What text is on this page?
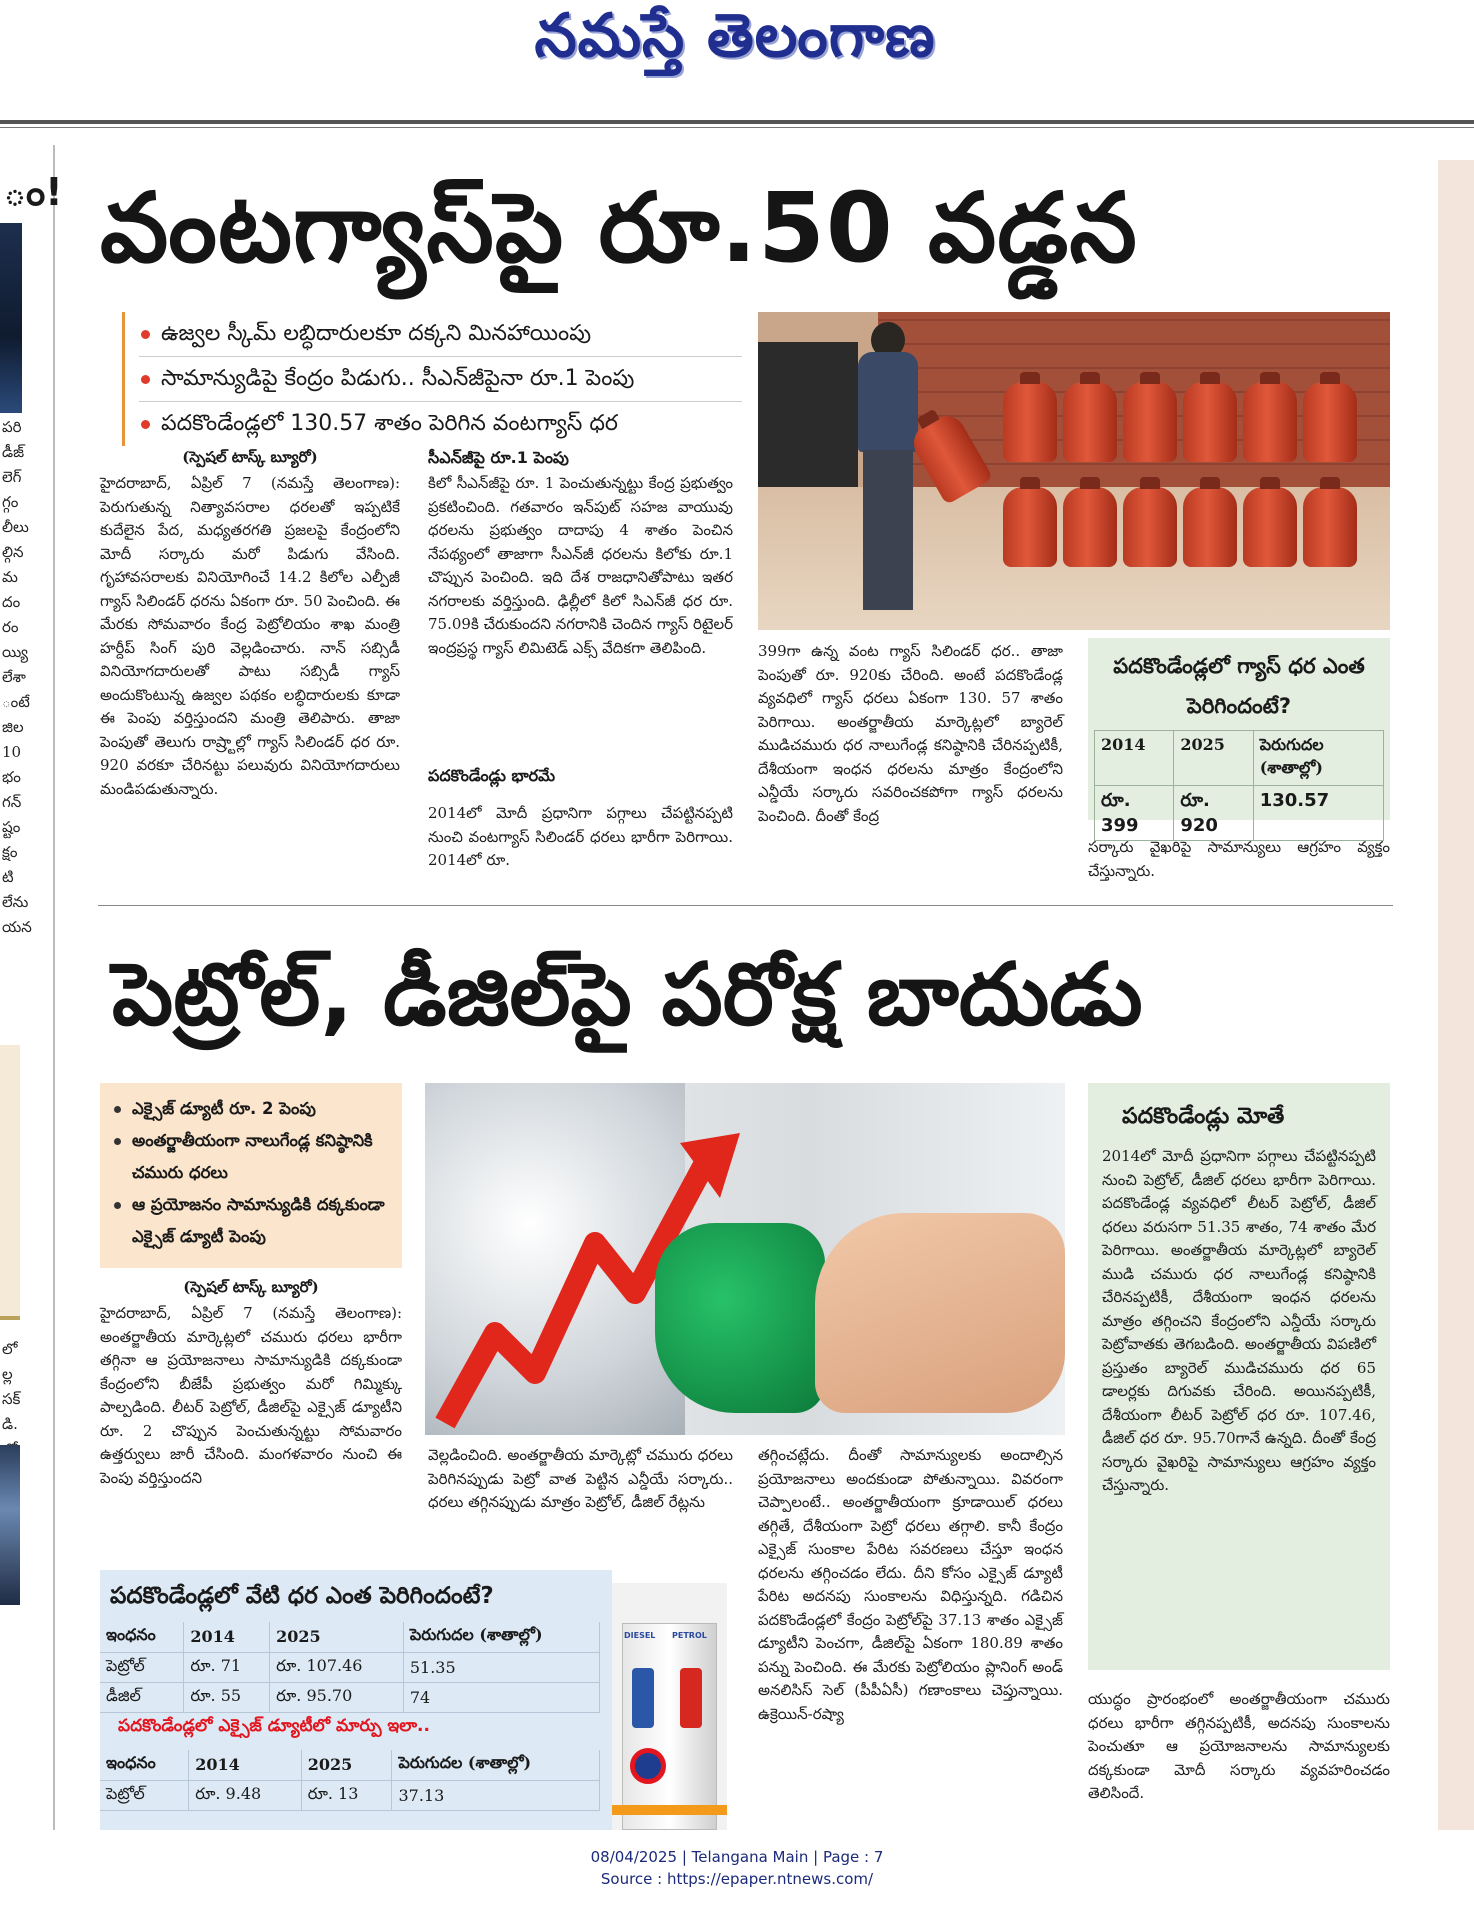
నమస్తే తెలంగాణ
ం!
పరి
డీజ్
లెగ్
గ్గం
లీలు
ల్గిన
మ
దం
రం
య్యి
లేశా
ంటే
జిల
10
భం
గన్
ష్టం
క్షం
టి
లేను
యన
లో
ల్ల
సక్
డి.
వంటగ్యాస్‌పై రూ.50 వడ్డన
ఉజ్వల స్కీమ్ లబ్ధిదారులకూ దక్కని మినహాయింపు
సామాన్యుడిపై కేంద్రం పిడుగు.. సీఎన్‌జీపైనా రూ.1 పెంపు
పదకొండేండ్లలో 130.57 శాతం పెరిగిన వంటగ్యాస్ ధర
(స్పెషల్ టాస్క్ బ్యూరో)
హైదరాబాద్, ఏప్రిల్ 7 (నమస్తే తెలంగాణ): పెరుగుతున్న నిత్యావసరాల ధరలతో ఇప్పటికే కుదేలైన పేద, మధ్యతరగతి ప్రజలపై కేంద్రంలోని మోదీ సర్కారు మరో పిడుగు వేసింది. గృహావసరాలకు వినియోగించే 14.2 కిలోల ఎల్పీజీ గ్యాస్ సిలిండర్ ధరను ఏకంగా రూ. 50 పెంచింది. ఈ మేరకు సోమవారం కేంద్ర పెట్రోలియం శాఖ మంత్రి హర్దీప్ సింగ్ పురి వెల్లడించారు. నాన్ సబ్సిడీ వినియోగదారులతో పాటు సబ్సిడీ గ్యాస్ అందుకొంటున్న ఉజ్వల పథకం లబ్ధిదారులకు కూడా ఈ పెంపు వర్తిస్తుందని మంత్రి తెలిపారు. తాజా పెంపుతో తెలుగు రాష్ర్టాల్లో గ్యాస్ సిలిండర్ ధర రూ. 920 వరకూ చేరినట్టు పలువురు వినియోగదారులు మండిపడుతున్నారు.
సీఎన్‌జీపై రూ.1 పెంపు
కిలో సీఎన్‌జీపై రూ. 1 పెంచుతున్నట్టు కేంద్ర ప్రభుత్వం ప్రకటించింది. గతవారం ఇన్‌పుట్ సహజ వాయువు ధరలను ప్రభుత్వం దాదాపు 4 శాతం పెంచిన నేపథ్యంలో తాజాగా సీఎన్‌జీ ధరలను కిలోకు రూ.1 చొప్పున పెంచింది. ఇది దేశ రాజధానితోపాటు ఇతర నగరాలకు వర్తిస్తుంది. ఢిల్లీలో కిలో సిఎన్‌జీ ధర రూ. 75.09కి చేరుకుందని నగరానికి చెందిన గ్యాస్ రిటైలర్ ఇంద్రప్రస్థ గ్యాస్ లిమిటెడ్ ఎక్స్ వేదికగా తెలిపింది.
పదకొండేండ్లు భారమే
2014లో మోదీ ప్రధానిగా పగ్గాలు చేపట్టినప్పటి నుంచి వంటగ్యాస్ సిలిండర్ ధరలు భారీగా పెరిగాయి. 2014లో రూ.
399గా ఉన్న వంట గ్యాస్ సిలిండర్ ధర.. తాజా పెంపుతో రూ. 920కు చేరింది. అంటే పదకొండేండ్ల వ్యవధిలో గ్యాస్ ధరలు ఏకంగా 130. 57 శాతం పెరిగాయి. అంతర్జాతీయ మార్కెట్లలో బ్యారెల్ ముడిచమురు ధర నాలుగేండ్ల కనిష్ఠానికి చేరినప్పటికీ, దేశీయంగా ఇంధన ధరలను మాత్రం కేంద్రంలోని ఎన్డీయే సర్కారు సవరించకపోగా గ్యాస్ ధరలను పెంచింది. దీంతో కేంద్ర
పదకొండేండ్లలో గ్యాస్ ధర ఎంత పెరిగిందంటే?
2014	2025	పెరుగుదల (శాతాల్లో)
రూ. 399	రూ. 920	130.57
సర్కారు వైఖరిపై సామాన్యులు ఆగ్రహం వ్యక్తం చేస్తున్నారు.
పెట్రోల్, డీజిల్‌పై పరోక్ష బాదుడు
ఎక్సైజ్ డ్యూటీ రూ. 2 పెంపు
అంతర్జాతీయంగా నాలుగేండ్ల కనిష్ఠానికి చమురు ధరలు
ఆ ప్రయోజనం సామాన్యుడికి దక్కకుండా ఎక్సైజ్ డ్యూటీ పెంపు
(స్పెషల్ టాస్క్ బ్యూరో)
హైదరాబాద్, ఏప్రిల్ 7 (నమస్తే తెలంగాణ): అంతర్జాతీయ మార్కెట్లలో చమురు ధరలు భారీగా తగ్గినా ఆ ప్రయోజనాలు సామాన్యుడికి దక్కకుండా కేంద్రంలోని బీజేపీ ప్రభుత్వం మరో గిమ్మిక్కు పాల్పడింది. లీటర్ పెట్రోల్, డీజిల్‌పై ఎక్సైజ్ డ్యూటీని రూ. 2 చొప్పున పెంచుతున్నట్టు సోమవారం ఉత్తర్వులు జారీ చేసింది. మంగళవారం నుంచి ఈ పెంపు వర్తిస్తుందని
వెల్లడించింది. అంతర్జాతీయ మార్కెట్లో చమురు ధరలు పెరిగినప్పుడు పెట్రో వాత పెట్టిన ఎన్డీయే సర్కారు.. ధరలు తగ్గినప్పుడు మాత్రం పెట్రోల్, డీజిల్ రేట్లను
తగ్గించట్లేదు. దీంతో సామాన్యులకు అందాల్సిన ప్రయోజనాలు అందకుండా పోతున్నాయి. వివరంగా చెప్పాలంటే.. అంతర్జాతీయంగా క్రూడాయిల్ ధరలు తగ్గితే, దేశీయంగా పెట్రో ధరలు తగ్గాలి. కానీ కేంద్రం ఎక్సైజ్ సుంకాల పేరిట సవరణలు చేస్తూ ఇంధన ధరలను తగ్గించడం లేదు. దీని కోసం ఎక్సైజ్ డ్యూటీ పేరిట అదనపు సుంకాలను విధిస్తున్నది. గడిచిన పదకొండేండ్లలో కేంద్రం పెట్రోల్‌పై 37.13 శాతం ఎక్సైజ్ డ్యూటీని పెంచగా, డీజిల్‌పై ఏకంగా 180.89 శాతం పన్ను పెంచింది. ఈ మేరకు పెట్రోలియం ప్లానింగ్ అండ్ అనలిసిస్ సెల్ (పీపీఏసీ) గణాంకాలు చెప్తున్నాయి. ఉక్రెయిన్-రష్యా
పదకొండేండ్లు మోతే
2014లో మోదీ ప్రధానిగా పగ్గాలు చేపట్టినప్పటి నుంచి పెట్రోల్, డీజిల్ ధరలు భారీగా పెరిగాయి. పదకొండేండ్ల వ్యవధిలో లీటర్ పెట్రోల్, డీజిల్ ధరలు వరుసగా 51.35 శాతం, 74 శాతం మేర పెరిగాయి. అంతర్జాతీయ మార్కెట్లలో బ్యారెల్ ముడి చమురు ధర నాలుగేండ్ల కనిష్ఠానికి చేరినప్పటికీ, దేశీయంగా ఇంధన ధరలను మాత్రం తగ్గించని కేంద్రంలోని ఎన్డీయే సర్కారు పెట్రోవాతకు తెగబడింది. అంతర్జాతీయ విపణిలో ప్రస్తుతం బ్యారెల్ ముడిచమురు ధర 65 డాలర్లకు దిగువకు చేరింది. అయినప్పటికీ, దేశీయంగా లీటర్ పెట్రోల్ ధర రూ. 107.46, డీజిల్ ధర రూ. 95.70గానే ఉన్నది. దీంతో కేంద్ర సర్కారు వైఖరిపై సామాన్యులు ఆగ్రహం వ్యక్తం చేస్తున్నారు.
యుద్ధం ప్రారంభంలో అంతర్జాతీయంగా చమురు ధరలు భారీగా తగ్గినప్పటికీ, అదనపు సుంకాలను పెంచుతూ ఆ ప్రయోజనాలను సామాన్యులకు దక్కకుండా మోదీ సర్కారు వ్యవహరించడం తెలిసిందే.
పదకొండేండ్లలో వేటి ధర ఎంత పెరిగిందంటే?
ఇంధనం	2014	2025	పెరుగుదల (శాతాల్లో)
పెట్రోల్	రూ. 71	రూ. 107.46	51.35
డీజిల్	రూ. 55	రూ. 95.70	74
పదకొండేండ్లలో ఎక్సైజ్ డ్యూటీలో మార్పు ఇలా..
ఇంధనం	2014	2025	పెరుగుదల (శాతాల్లో)
పెట్రోల్	రూ. 9.48	రూ. 13	37.13
DIESEL PETROL
08/04/2025 | Telangana Main | Page : 7
Source : https://epaper.ntnews.com/
